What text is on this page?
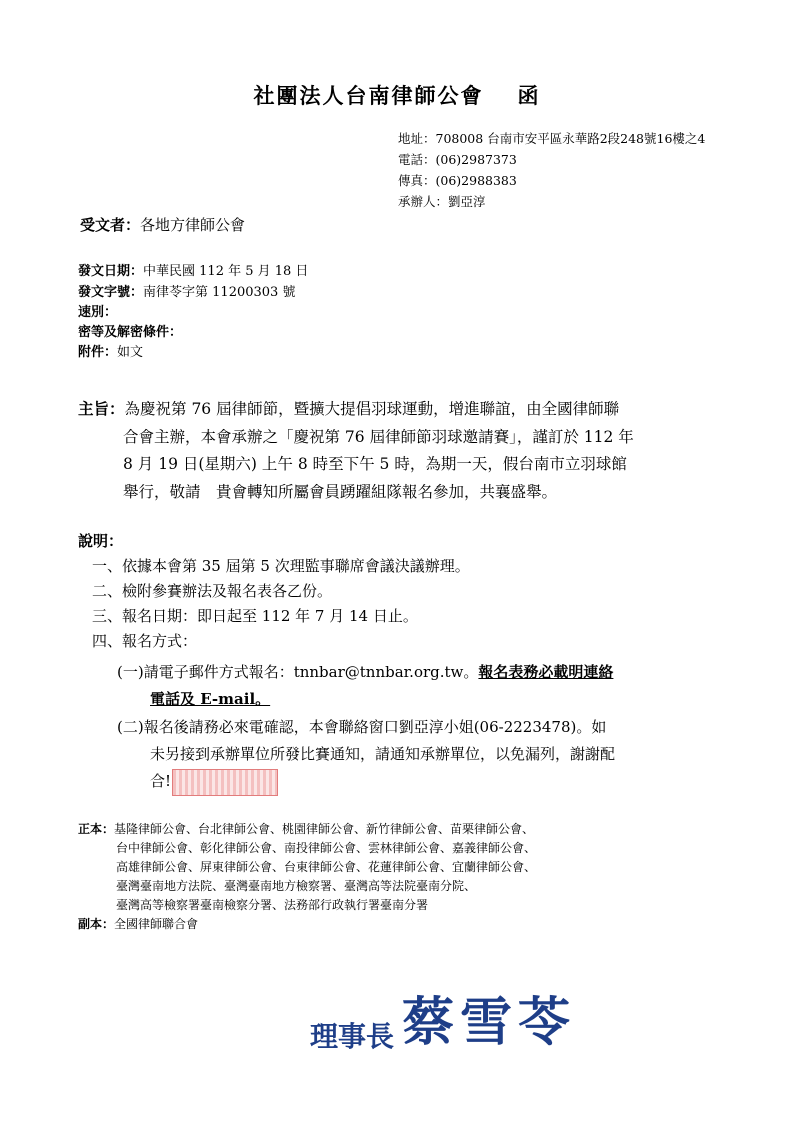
社團法人台南律師公會 函
地址：708008 台南市安平區永華路2段248號16樓之4
電話：(06)2987373
傳真：(06)2988383
承辦人：劉亞淳
受文者：各地方律師公會
發文日期：中華民國 112 年 5 月 18 日
發文字號：南律苓字第 11200303 號
速別：
密等及解密條件：
附件：如文
主旨：為慶祝第 76 屆律師節，暨擴大提倡羽球運動，增進聯誼，由全國律師聯
合會主辦，本會承辦之「慶祝第 76 屆律師節羽球邀請賽」，謹訂於 112 年
8 月 19 日(星期六) 上午 8 時至下午 5 時，為期一天，假台南市立羽球館
舉行，敬請　貴會轉知所屬會員踴躍組隊報名參加，共襄盛舉。
說明：
一、依據本會第 35 屆第 5 次理監事聯席會議決議辦理。
二、檢附參賽辦法及報名表各乙份。
三、報名日期：即日起至 112 年 7 月 14 日止。
四、報名方式：
(一)請電子郵件方式報名：tnnbar@tnnbar.org.tw。報名表務必載明連絡
電話及 E-mail。
(二)報名後請務必來電確認，本會聯絡窗口劉亞淳小姐(06-2223478)。如
未另接到承辦單位所發比賽通知，請通知承辦單位，以免漏列，謝謝配
合!
正本：基隆律師公會、台北律師公會、桃園律師公會、新竹律師公會、苗栗律師公會、
台中律師公會、彰化律師公會、南投律師公會、雲林律師公會、嘉義律師公會、
高雄律師公會、屏東律師公會、台東律師公會、花蓮律師公會、宜蘭律師公會、
臺灣臺南地方法院、臺灣臺南地方檢察署、臺灣高等法院臺南分院、
臺灣高等檢察署臺南檢察分署、法務部行政執行署臺南分署
副本：全國律師聯合會
理事長 蔡雪苓
